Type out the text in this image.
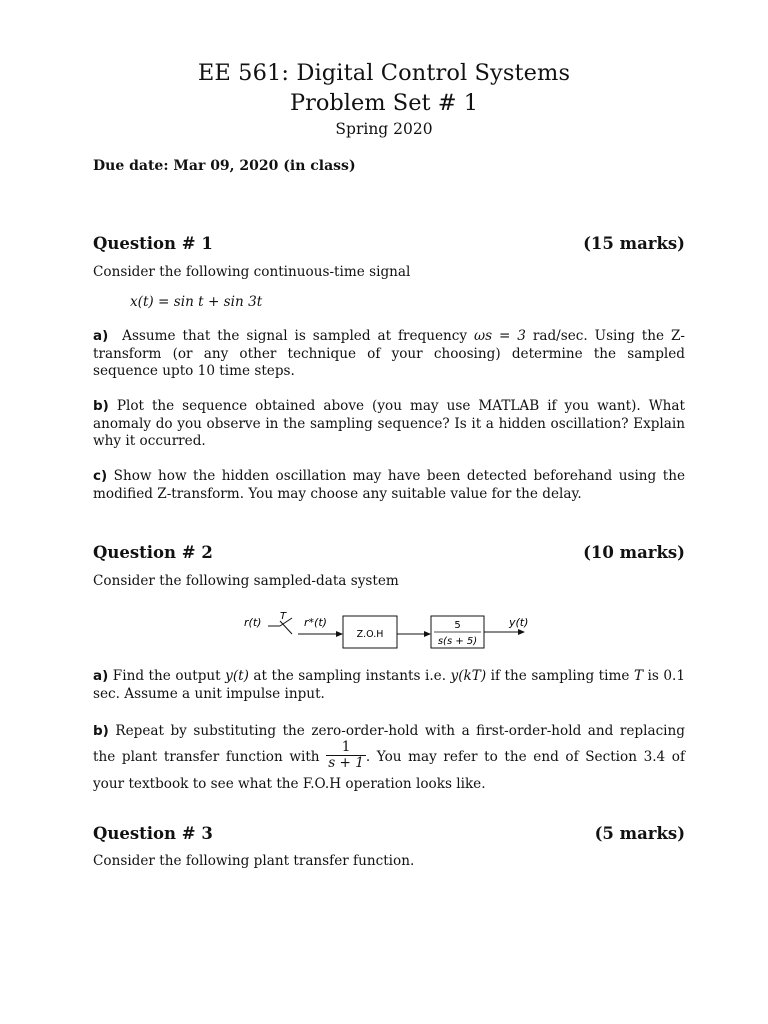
EE 561: Digital Control Systems
Problem Set # 1
Spring 2020
Due date: Mar 09, 2020 (in class)
Question # 1	(15 marks)
Consider the following continuous-time signal
x(t) = sin t + sin 3t
a) Assume that the signal is sampled at frequency ωs = 3 rad/sec. Using the Z-transform (or any other technique of your choosing) determine the sampled sequence upto 10 time steps.
b) Plot the sequence obtained above (you may use MATLAB if you want). What anomaly do you observe in the sampling sequence? Is it a hidden oscillation? Explain why it occurred.
c) Show how the hidden oscillation may have been detected beforehand using the modified Z-transform. You may choose any suitable value for the delay.
Question # 2	(10 marks)
Consider the following sampled-data system
r(t) T r*(t)
Z.O.H
5
s(s + 5)
y(t)
a) Find the output y(t) at the sampling instants i.e. y(kT) if the sampling time T is 0.1 sec. Assume a unit impulse input.
b) Repeat by substituting the zero-order-hold with a first-order-hold and replacing the plant transfer function with $\frac{1}{s + 1}$ . You may refer to the end of Section 3.4 of your textbook to see what the F.O.H operation looks like.
Question # 3	(5 marks)
Consider the following plant transfer function.
